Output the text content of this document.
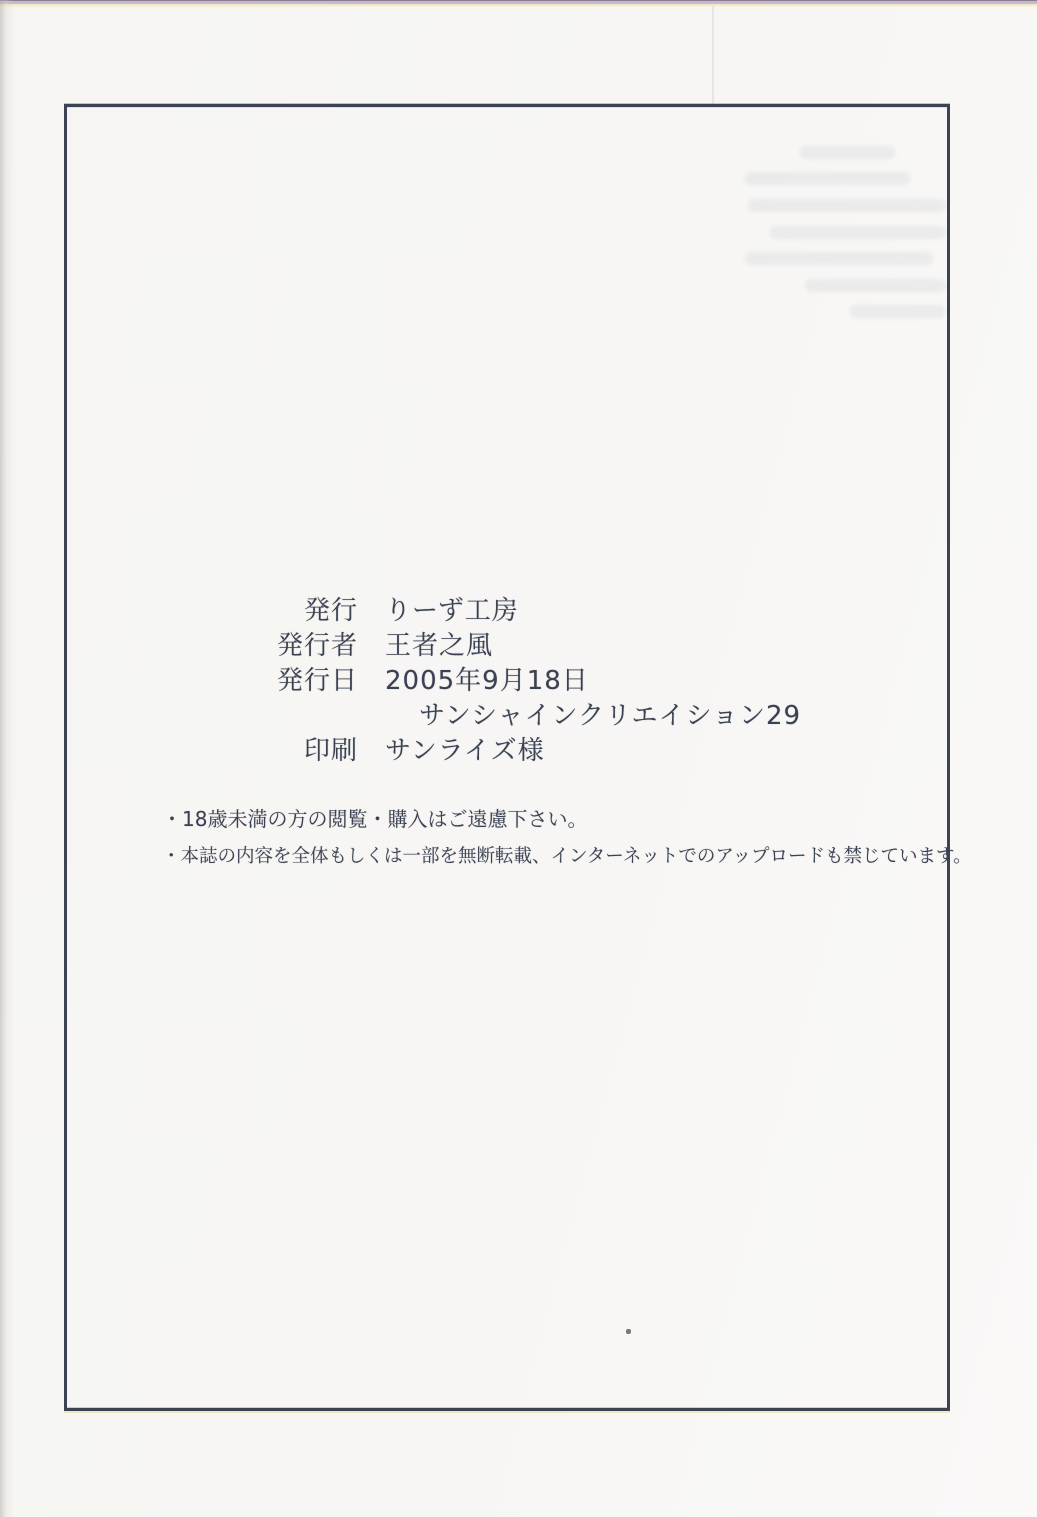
発行 りーず工房
発行者 王者之風
発行日 2005年9月18日
サンシャインクリエイション29
印刷 サンライズ様
・18歳未満の方の閲覧・購入はご遠慮下さい。
・本誌の内容を全体もしくは一部を無断転載、インターネットでのアップロードも禁じています。
